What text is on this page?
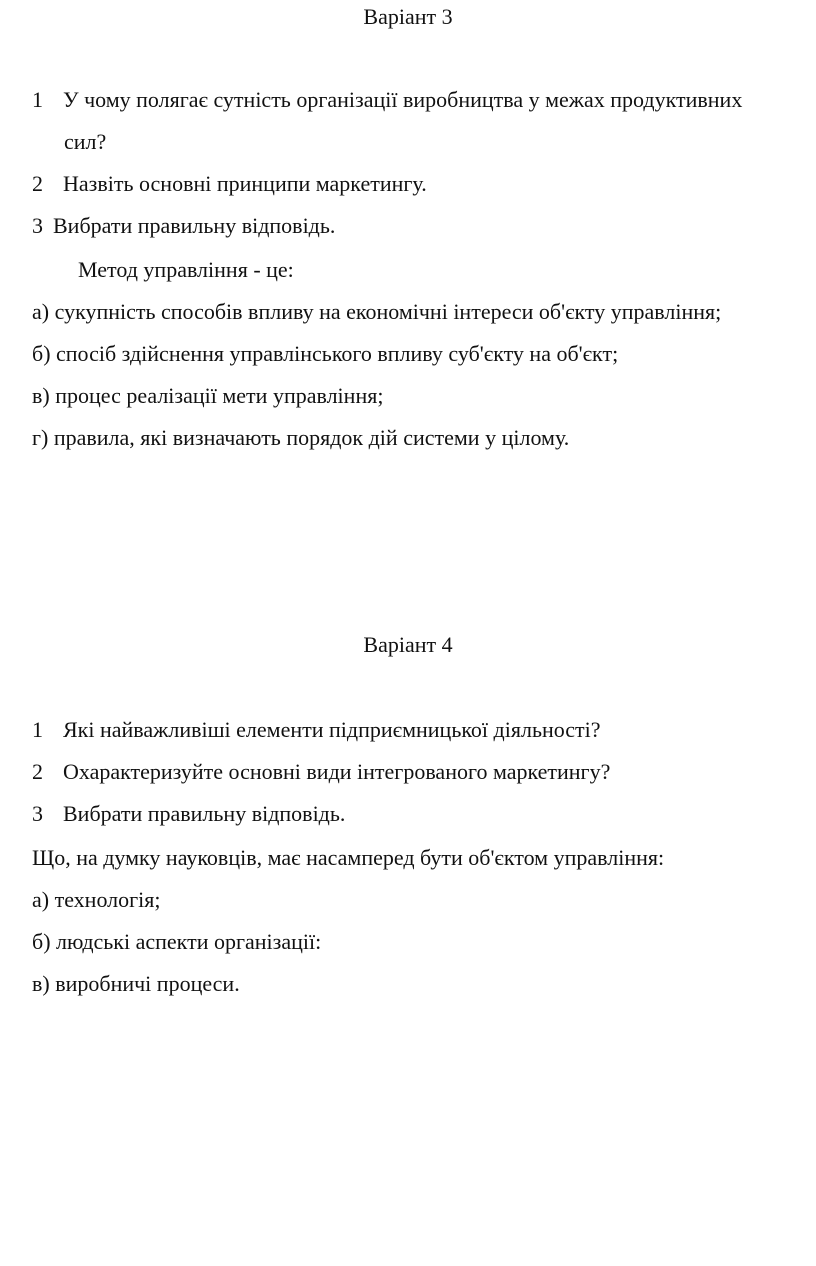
Варіант 3
1 У чому полягає сутність організації виробництва у межах продуктивних
сил?
2 Назвіть основні принципи маркетингу.
3 Вибрати правильну відповідь.
Метод управління - це:
а) сукупність способів впливу на економічні інтереси об'єкту управління;
б) спосіб здійснення управлінського впливу суб'єкту на об'єкт;
в) процес реалізації мети управління;
г) правила, які визначають порядок дій системи у цілому.
Варіант 4
1 Які найважливіші елементи підприємницької діяльності?
2 Охарактеризуйте основні види інтегрованого маркетингу?
3 Вибрати правильну відповідь.
Що, на думку науковців, має насамперед бути об'єктом управління:
а) технологія;
б) людські аспекти організації:
в) виробничі процеси.
